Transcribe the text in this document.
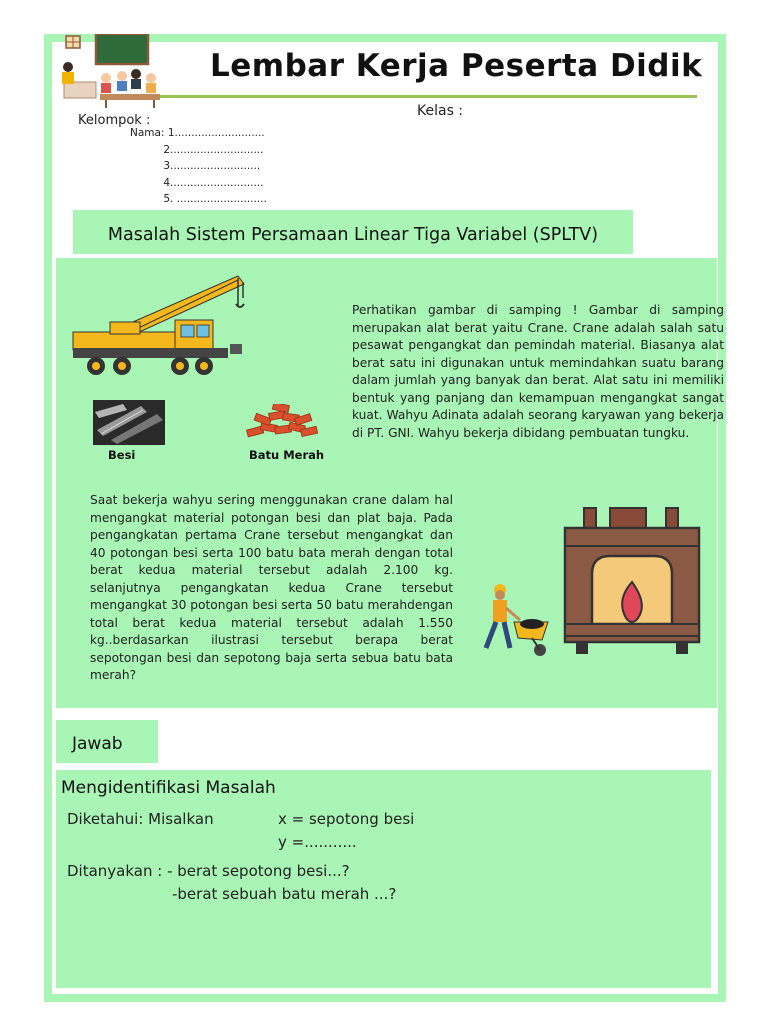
Lembar Kerja Peserta Didik
Kelas :
Kelompok :
Nama: 1...........................
2............................
3...........................
4............................
5. ...........................
Masalah Sistem Persamaan Linear Tiga Variabel (SPLTV)
Besi	Batu Merah
Perhatikan gambar di samping ! Gambar di samping merupakan alat berat yaitu Crane. Crane adalah salah satu pesawat pengangkat dan pemindah material. Biasanya alat berat satu ini digunakan untuk memindahkan suatu barang dalam jumlah yang banyak dan berat. Alat satu ini memiliki bentuk yang panjang dan kemampuan mengangkat sangat kuat. Wahyu Adinata adalah seorang karyawan yang bekerja di PT. GNI. Wahyu bekerja dibidang pembuatan tungku.
Saat bekerja wahyu sering menggunakan crane dalam hal mengangkat material potongan besi dan plat baja. Pada pengangkatan pertama Crane tersebut mengangkat dan 40 potongan besi serta 100 batu bata merah dengan total berat kedua material tersebut adalah 2.100 kg. selanjutnya pengangkatan kedua Crane tersebut mengangkat 30 potongan besi serta 50 batu merahdengan total berat kedua material tersebut adalah 1.550 kg..berdasarkan ilustrasi tersebut berapa berat sepotongan besi dan sepotong baja serta sebua batu bata merah?
Jawab
Mengidentifikasi Masalah
Diketahui: Misalkan	x = sepotong besi
y =...........
Ditanyakan : - berat sepotong besi...?
-berat sebuah batu merah ...?
